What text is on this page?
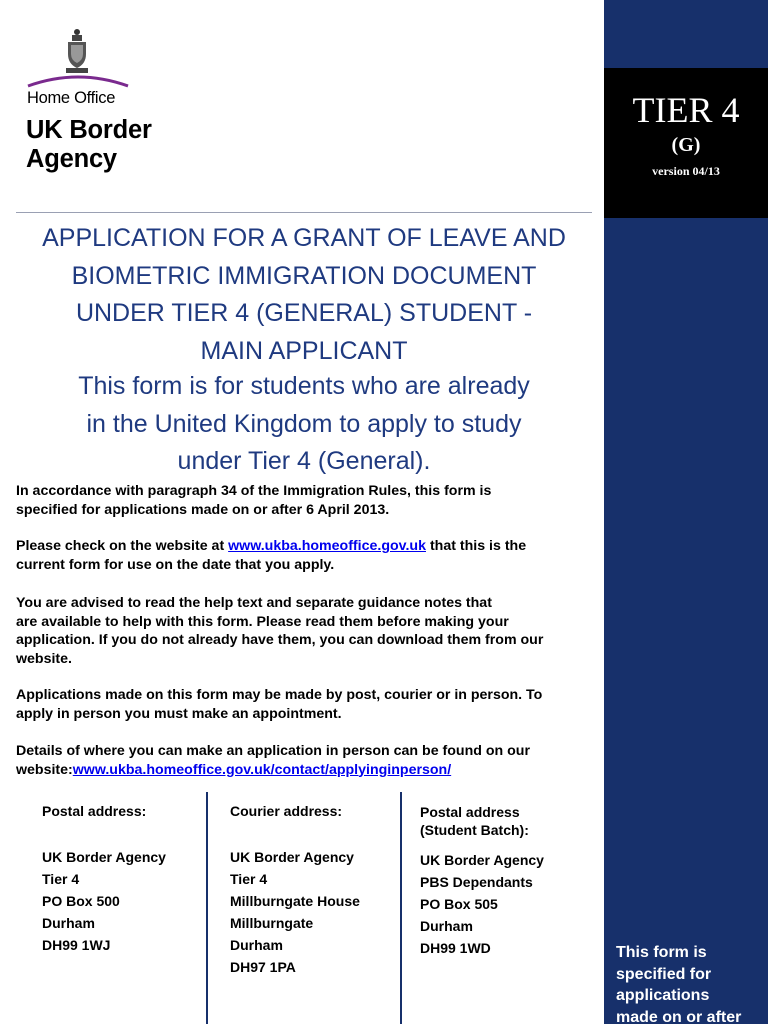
TIER 4
(G)
version 04/13
This form is
specified for
applications
made on or after
Home Office
UK Border
Agency
APPLICATION FOR A GRANT OF LEAVE AND
BIOMETRIC IMMIGRATION DOCUMENT
UNDER TIER 4 (GENERAL) STUDENT -
MAIN APPLICANT
This form is for students who are already
in the United Kingdom to apply to study
under Tier 4 (General).
In accordance with paragraph 34 of the Immigration Rules, this form is
specified for applications made on or after 6 April 2013.
Please check on the website at www.ukba.homeoffice.gov.uk that this is the
current form for use on the date that you apply.
You are advised to read the help text and separate guidance notes that
are available to help with this form. Please read them before making your
application. If you do not already have them, you can download them from our
website.
Applications made on this form may be made by post, courier or in person. To
apply in person you must make an appointment.
Details of where you can make an application in person can be found on our
website:www.ukba.homeoffice.gov.uk/contact/applyinginperson/
Postal address:
UK Border Agency
Tier 4
PO Box 500
Durham
DH99 1WJ
Courier address:
UK Border Agency
Tier 4
Millburngate House
Millburngate
Durham
DH97 1PA
Postal address
(Student Batch):
UK Border Agency
PBS Dependants
PO Box 505
Durham
DH99 1WD
